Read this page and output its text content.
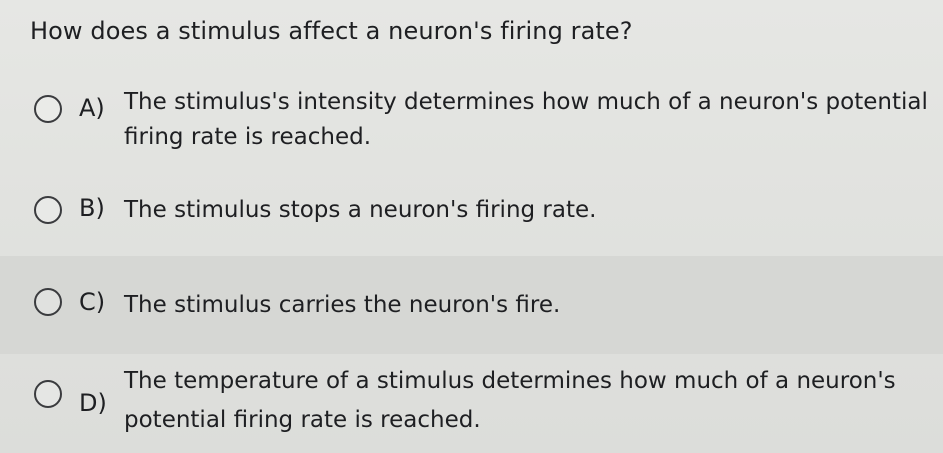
How does a stimulus affect a neuron's firing rate?
A) The stimulus's intensity determines how much of a neuron's potential
firing rate is reached.
B) The stimulus stops a neuron's firing rate.
C) The stimulus carries the neuron's fire.
D)
The temperature of a stimulus determines how much of a neuron's
potential firing rate is reached.
